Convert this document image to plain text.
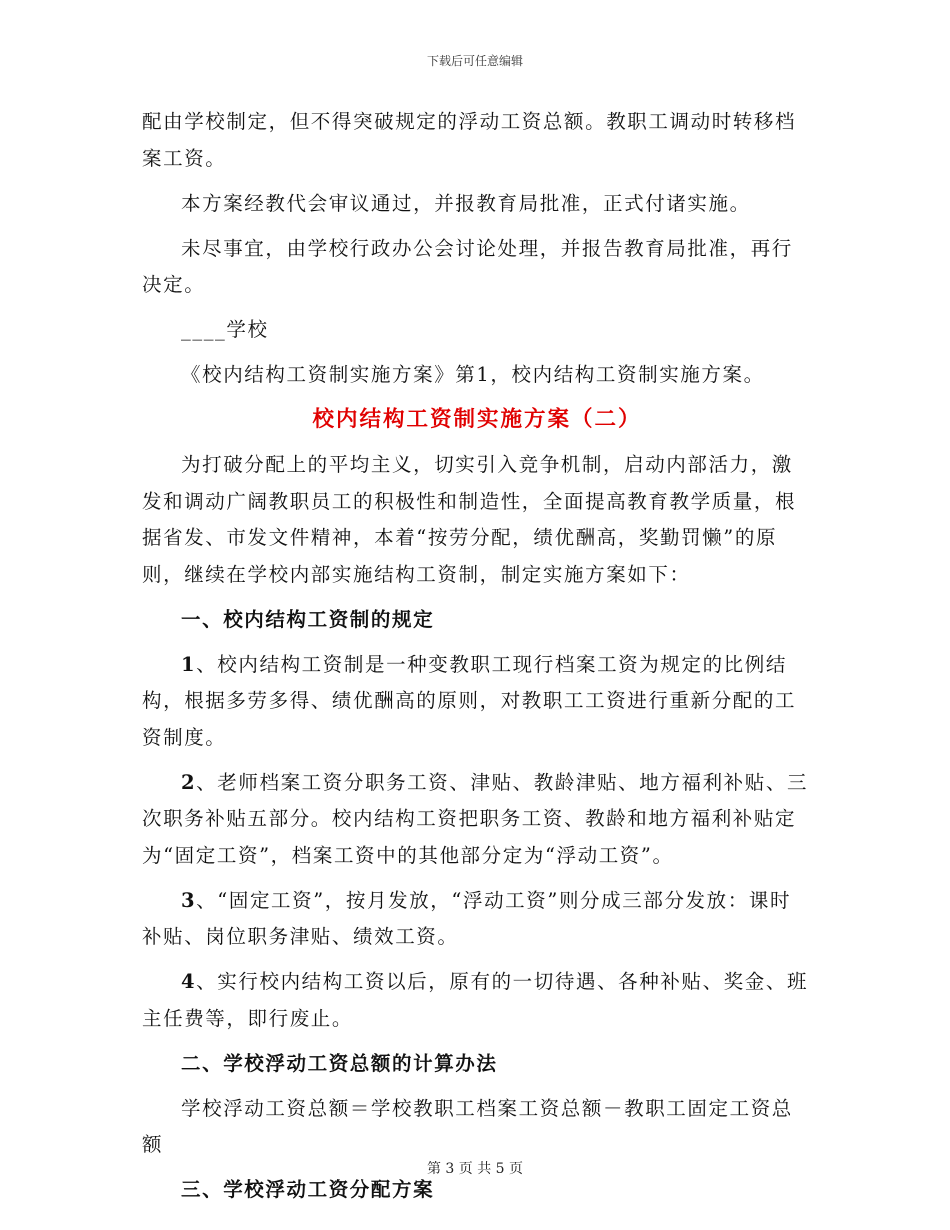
下载后可任意编辑

配由学校制定，但不得突破规定的浮动工资总额。教职工调动时转移档案工资。

本方案经教代会审议通过，并报教育局批准，正式付诸实施。

未尽事宜，由学校行政办公会讨论处理，并报告教育局批准，再行决定。

____学校

《校内结构工资制实施方案》第1，校内结构工资制实施方案。

校内结构工资制实施方案（二）

为打破分配上的平均主义，切实引入竞争机制，启动内部活力，激发和调动广阔教职员工的积极性和制造性，全面提高教育教学质量，根据省发、市发文件精神，本着“按劳分配，绩优酬高，奖勤罚懒”的原则，继续在学校内部实施结构工资制，制定实施方案如下：

一、校内结构工资制的规定

1、校内结构工资制是一种变教职工现行档案工资为规定的比例结构，根据多劳多得、绩优酬高的原则，对教职工工资进行重新分配的工资制度。

2、老师档案工资分职务工资、津贴、教龄津贴、地方福利补贴、三次职务补贴五部分。校内结构工资把职务工资、教龄和地方福利补贴定为“固定工资”，档案工资中的其他部分定为“浮动工资”。

3、“固定工资”，按月发放，“浮动工资”则分成三部分发放：课时补贴、岗位职务津贴、绩效工资。

4、实行校内结构工资以后，原有的一切待遇、各种补贴、奖金、班主任费等，即行废止。

二、学校浮动工资总额的计算办法

学校浮动工资总额＝学校教职工档案工资总额－教职工固定工资总额

三、学校浮动工资分配方案

第 3 页 共 5 页
